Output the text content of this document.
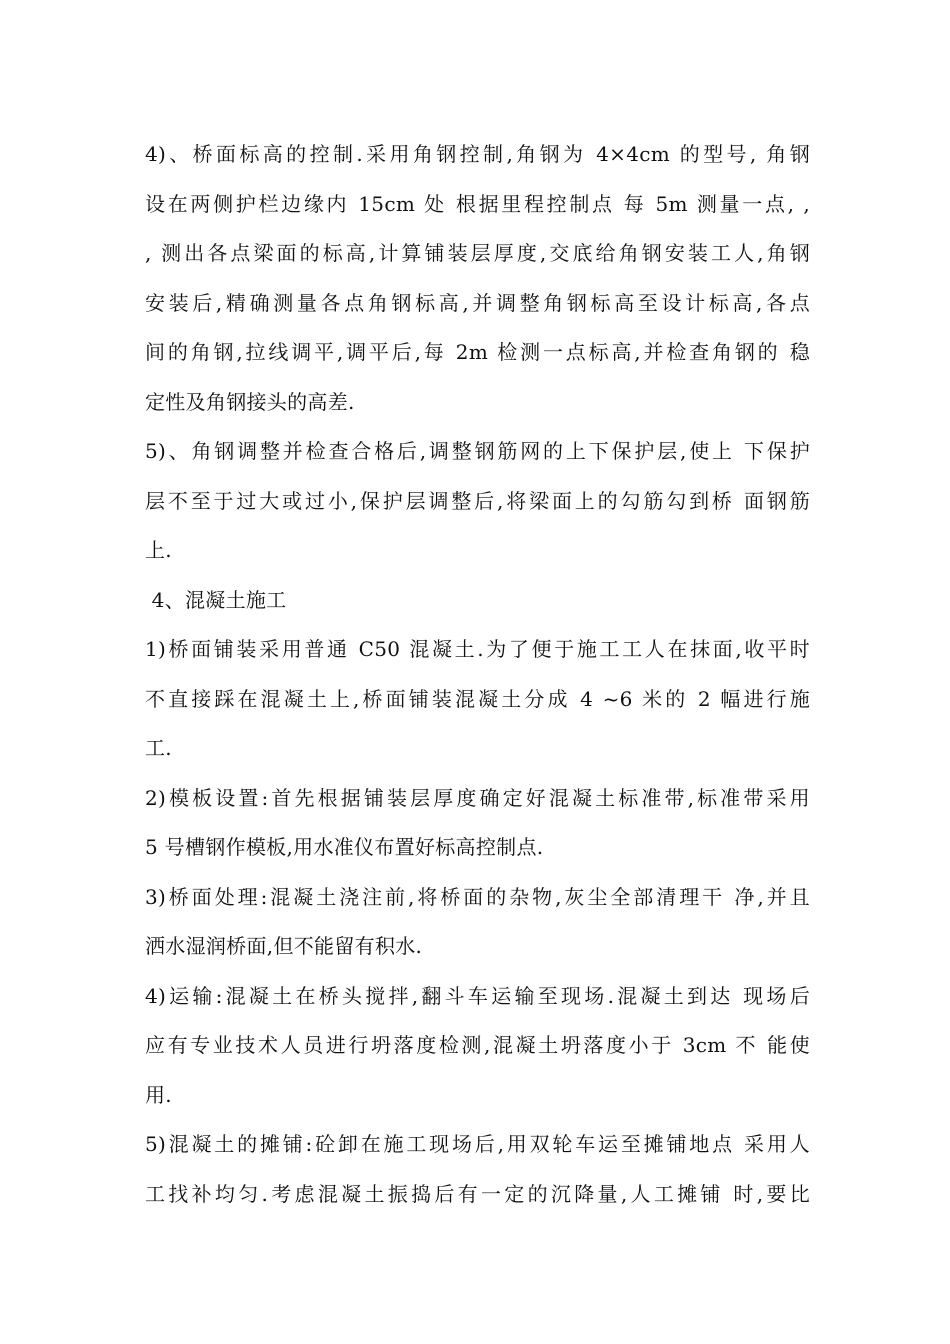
4)、桥面标高的控制.采用角钢控制,角钢为 4×4cm 的型号, 角钢
设在两侧护栏边缘内 15cm 处 根据里程控制点 每 5m 测量一点, ,
, 测出各点梁面的标高,计算铺装层厚度,交底给角钢安装工人,角钢
安装后,精确测量各点角钢标高,并调整角钢标高至设计标高,各点
间的角钢,拉线调平,调平后,每 2m 检测一点标高,并检查角钢的 稳
定性及角钢接头的高差.
5)、角钢调整并检查合格后,调整钢筋网的上下保护层,使上 下保护
层不至于过大或过小,保护层调整后,将梁面上的勾筋勾到桥 面钢筋
上.
4、混凝土施工
1)桥面铺装采用普通 C50 混凝土.为了便于施工工人在抹面,收平时
不直接踩在混凝土上,桥面铺装混凝土分成 4 ~6 米的 2 幅进行施
工.
2)模板设置:首先根据铺装层厚度确定好混凝土标准带,标准带采用
5 号槽钢作模板,用水准仪布置好标高控制点.
3)桥面处理:混凝土浇注前,将桥面的杂物,灰尘全部清理干 净,并且
洒水湿润桥面,但不能留有积水.
4)运输:混凝土在桥头搅拌,翻斗车运输至现场.混凝土到达 现场后
应有专业技术人员进行坍落度检测,混凝土坍落度小于 3cm 不 能使
用.
5)混凝土的摊铺:砼卸在施工现场后,用双轮车运至摊铺地点 采用人
工找补均匀.考虑混凝土振捣后有一定的沉降量,人工摊铺 时,要比
